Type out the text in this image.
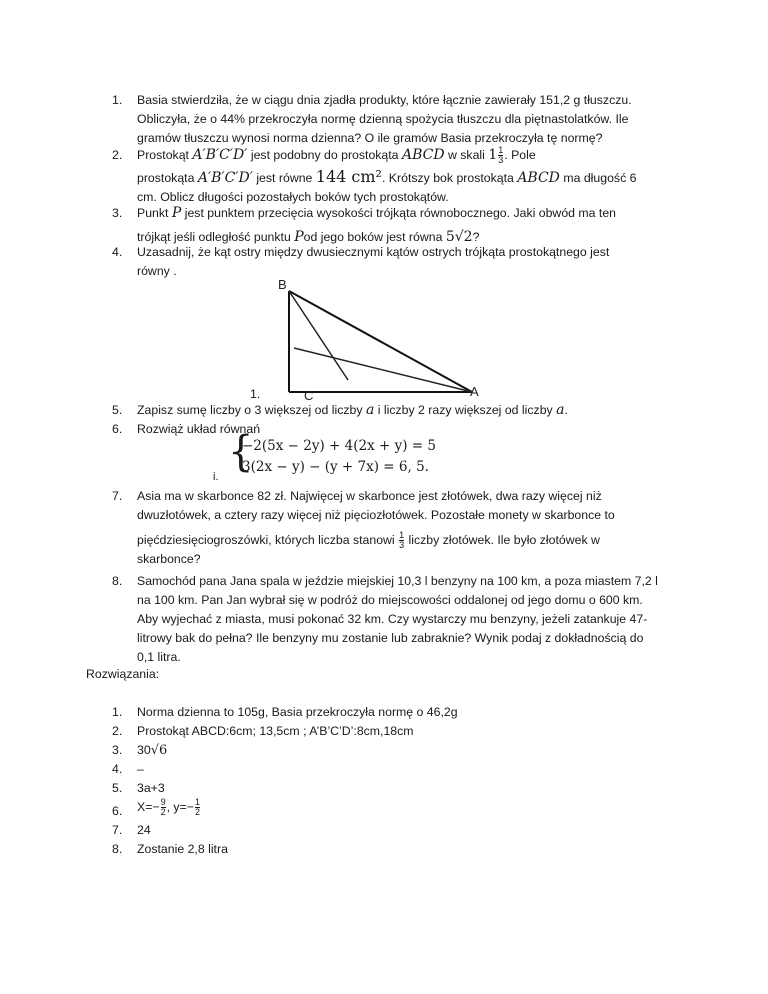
1.	Basia stwierdziła, że w ciągu dnia zjadła produkty, które łącznie zawierały 151,2 g tłuszczu.
Obliczyła, że o 44% przekroczyła normę dzienną spożycia tłuszczu dla piętnastolatków. Ile
gramów tłuszczu wynosi norma dzienna? O ile gramów Basia przekroczyła tę normę?
2.	Prostokąt A′B′C′D′ jest podobny do prostokąta ABCD w skali $1 \frac{1}{3}$ . Pole
prostokąta A′B′C′D′ jest równe 144 cm². Krótszy bok prostokąta ABCD ma długość 6
cm. Oblicz długości pozostałych boków tych prostokątów.
3.	Punkt P jest punktem przecięcia wysokości trójkąta równobocznego. Jaki obwód ma ten
trójkąt jeśli odległość punktu Pod jego boków jest równa 5√2?
4.	Uzasadnij, że kąt ostry między dwusiecznymi kątów ostrych trójkąta prostokątnego jest
równy .
B
C	A
1.
5.	Zapisz sumę liczby o 3 większej od liczby a i liczby 2 razy większej od liczby a.
6.	Rozwiąż układ równań
{
−2(5x − 2y) + 4(2x + y) = 5
3(2x − y) − (y + 7x) = 6, 5.
i.
7.	Asia ma w skarbonce 82 zł. Najwięcej w skarbonce jest złotówek, dwa razy więcej niż
dwuzłotówek, a cztery razy więcej niż pięciozłotówek. Pozostałe monety w skarbonce to
pięćdziesięciogroszówki, których liczba stanowi $\frac{1}{3}$ liczby złotówek. Ile było złotówek w
skarbonce?
8.	Samochód pana Jana spala w jeździe miejskiej 10,3 l benzyny na 100 km, a poza miastem 7,2 l
na 100 km. Pan Jan wybrał się w podróż do miejscowości oddalonej od jego domu o 600 km.
Aby wyjechać z miasta, musi pokonać 32 km. Czy wystarczy mu benzyny, jeżeli zatankuje 47-
litrowy bak do pełna? Ile benzyny mu zostanie lub zabraknie? Wynik podaj z dokładnością do
0,1 litra.
Rozwiązania:
1.	Norma dzienna to 105g, Basia przekroczyła normę o 46,2g
2.	Prostokąt ABCD:6cm; 13,5cm ; A’B’C’D’:8cm,18cm
3.	30√6
4.	–
5.	3a+3
6.	$X=- \frac{9}{2}$ , $y=- \frac{1}{2}$
7.	24
8.	Zostanie 2,8 litra
